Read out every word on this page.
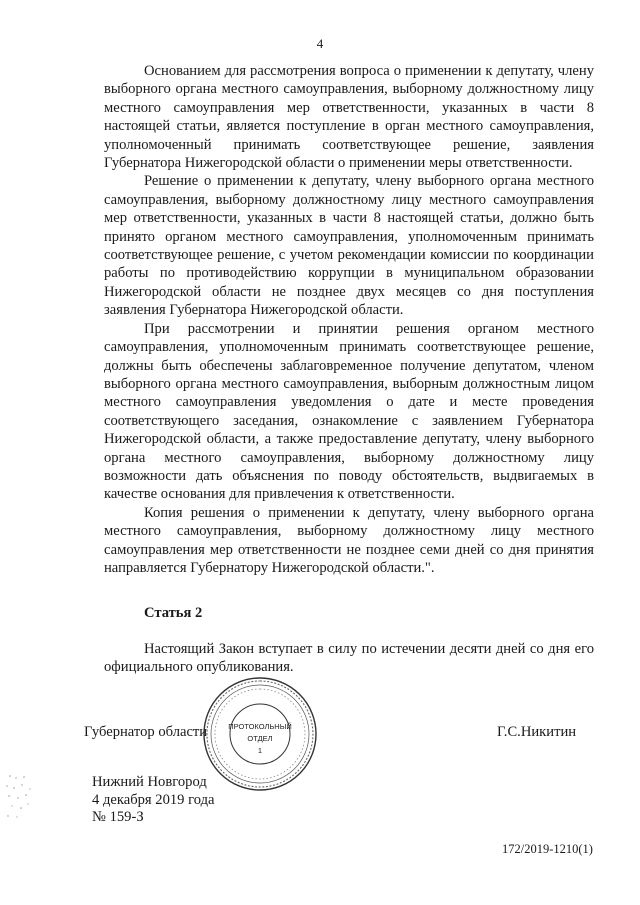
4

Основанием для рассмотрения вопроса о применении к депутату, члену выборного органа местного самоуправления, выборному должностному лицу местного самоуправления мер ответственности, указанных в части 8 настоящей статьи, является поступление в орган местного самоуправления, уполномоченный принимать соответствующее решение, заявления Губернатора Нижегородской области о применении меры ответственности.

Решение о применении к депутату, члену выборного органа местного самоуправления, выборному должностному лицу местного самоуправления мер ответственности, указанных в части 8 настоящей статьи, должно быть принято органом местного самоуправления, уполномоченным принимать соответствующее решение, с учетом рекомендации комиссии по координации работы по противодействию коррупции в муниципальном образовании Нижегородской области не позднее двух месяцев со дня поступления заявления Губернатора Нижегородской области.

При рассмотрении и принятии решения органом местного самоуправления, уполномоченным принимать соответствующее решение, должны быть обеспечены заблаговременное получение депутатом, членом выборного органа местного самоуправления, выборным должностным лицом местного самоуправления уведомления о дате и месте проведения соответствующего заседания, ознакомление с заявлением Губернатора Нижегородской области, а также предоставление депутату, члену выборного органа местного самоуправления, выборному должностному лицу возможности дать объяснения по поводу обстоятельств, выдвигаемых в качестве основания для привлечения к ответственности.

Копия решения о применении к депутату, члену выборного органа местного самоуправления, выборному должностному лицу местного самоуправления мер ответственности не позднее семи дней со дня принятия направляется Губернатору Нижегородской области.".

Статья 2

Настоящий Закон вступает в силу по истечении десяти дней со дня его официального опубликования.

ПРОТОКОЛЬНЫЙ
ОТДЕЛ
1
Губернатор области	Г.С.Никитин
Нижний Новгород
4 декабря 2019 года
№ 159-З
172/2019-1210(1)
